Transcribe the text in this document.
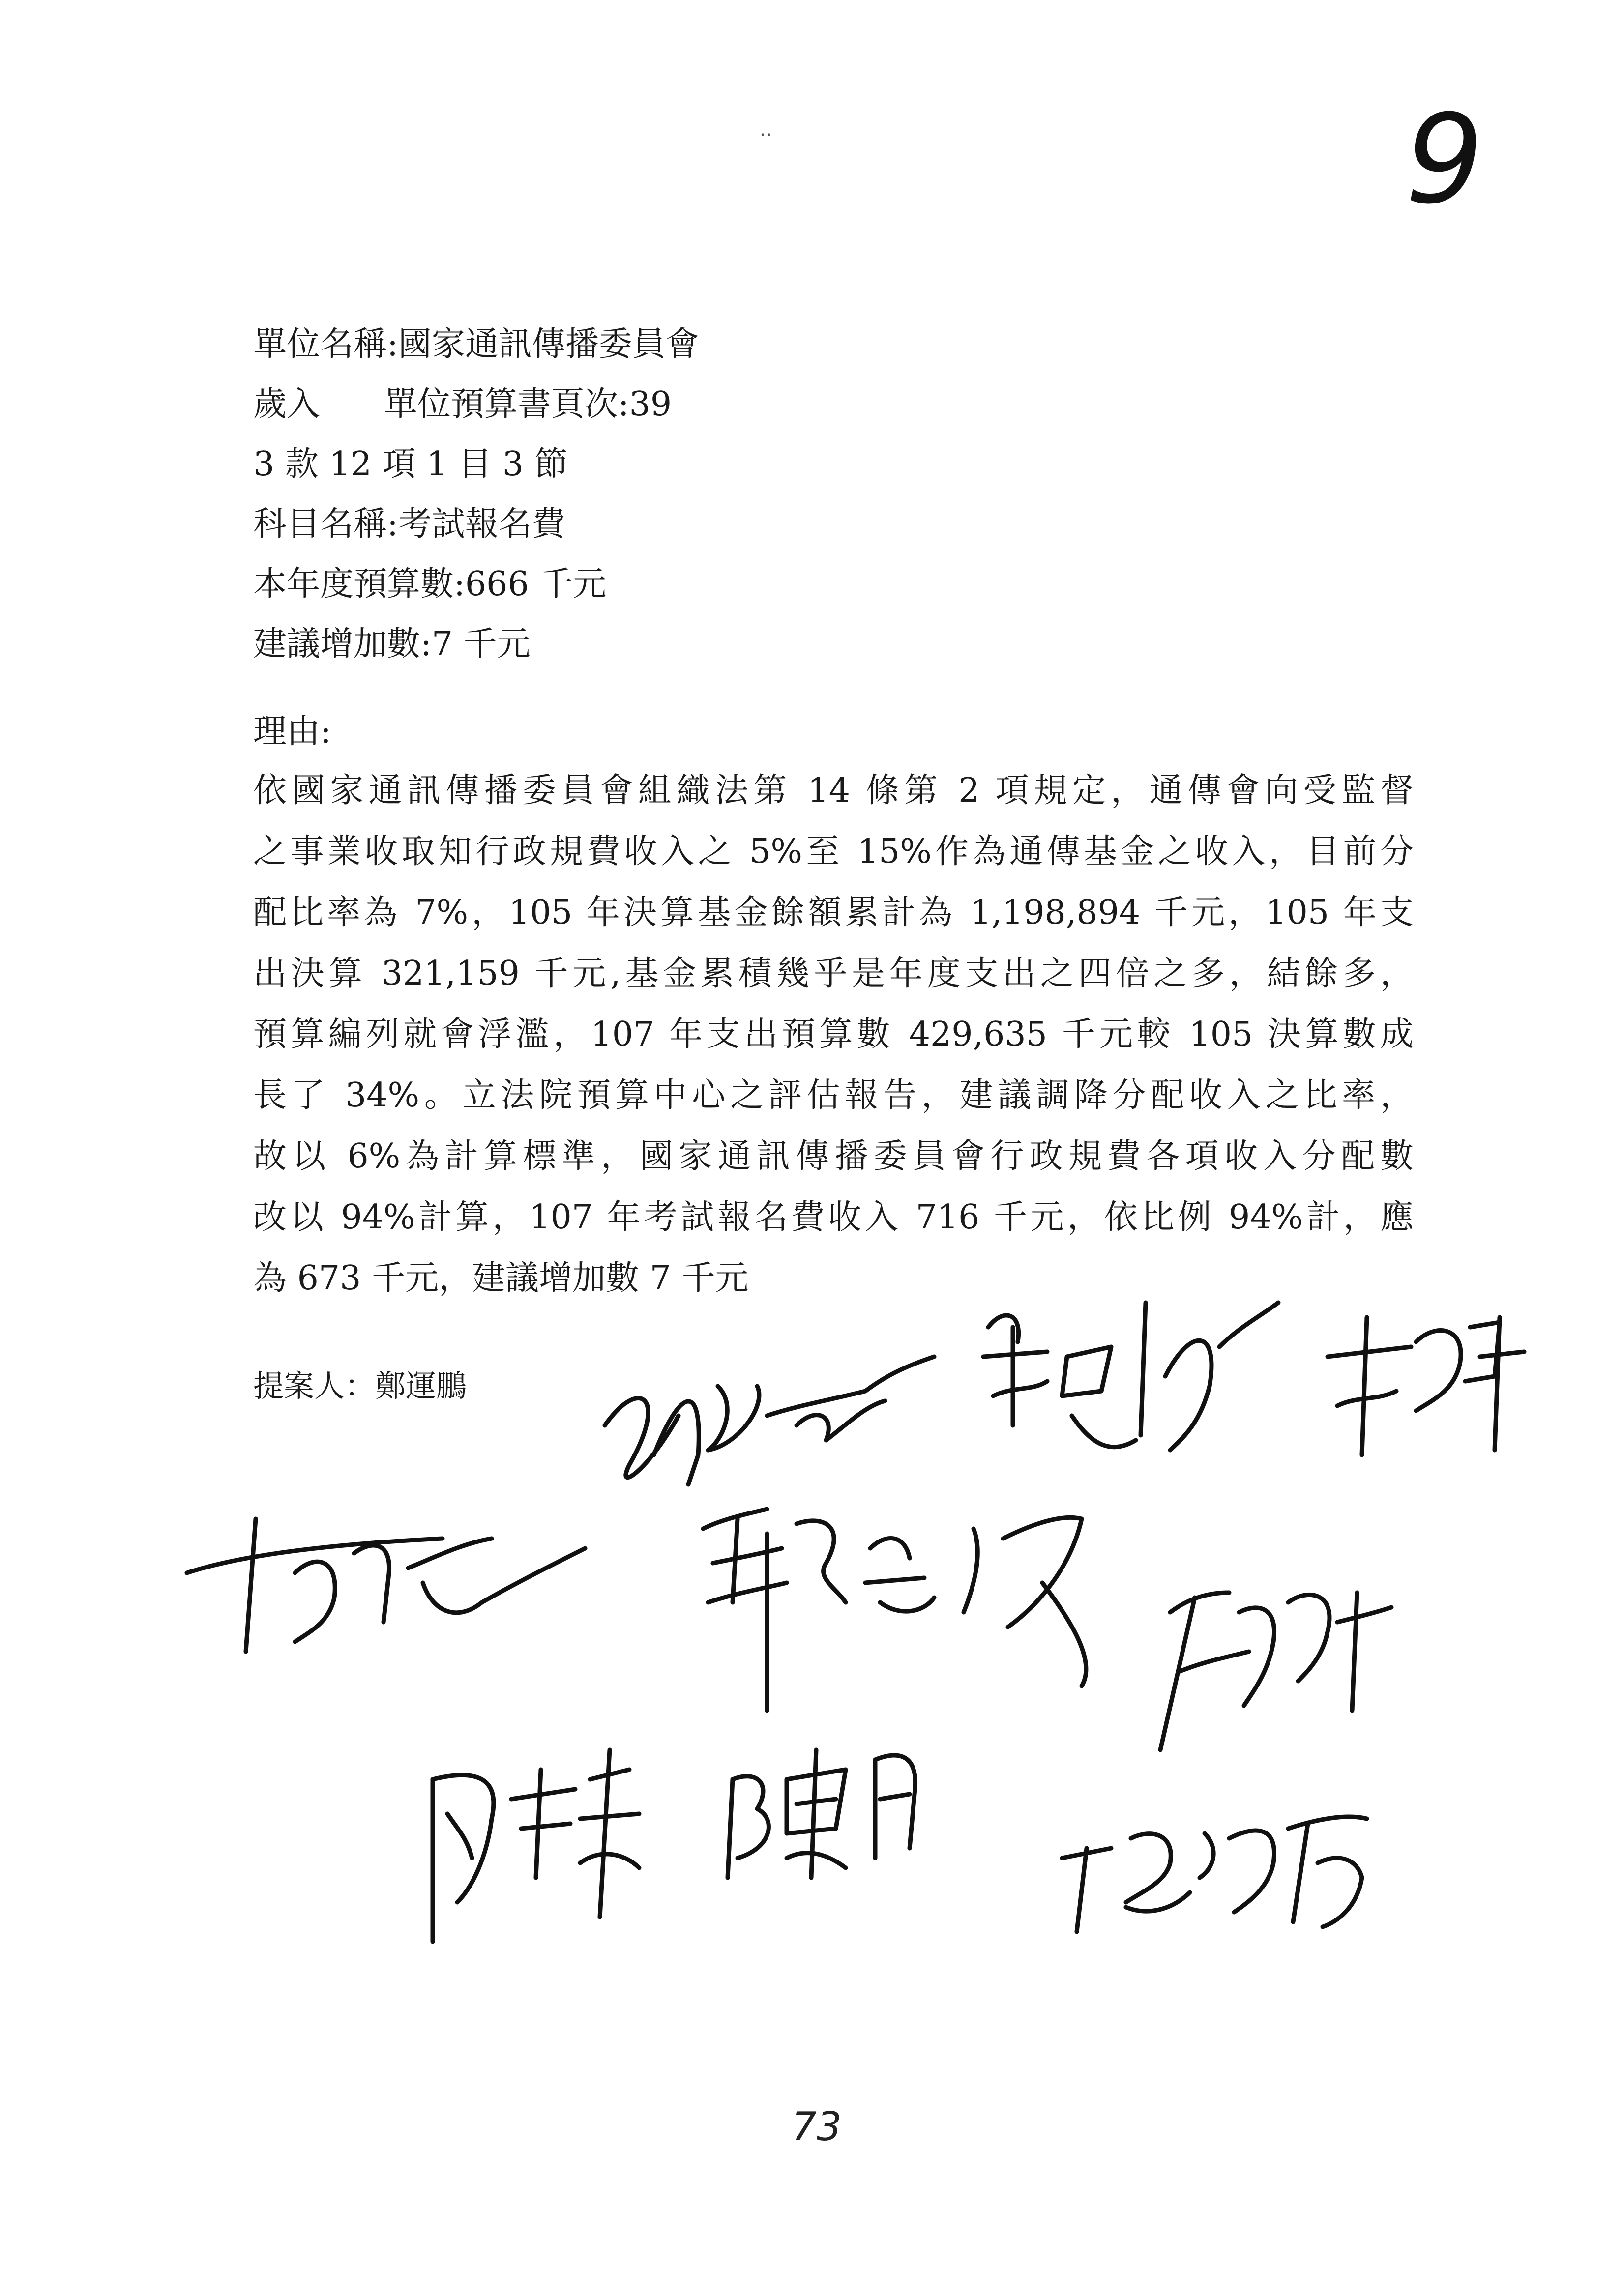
..	9
單位名稱:國家通訊傳播委員會
歲入      單位預算書頁次:39
3 款 12 項 1 目 3 節
科目名稱:考試報名費
本年度預算數:666 千元
建議增加數:7 千元
理由:
依國家通訊傳播委員會組織法第 14 條第 2 項規定，通傳會向受監督
之事業收取知行政規費收入之 5%至 15%作為通傳基金之收入，目前分
配比率為 7%，105 年決算基金餘額累計為 1,198,894 千元，105 年支
出決算 321,159 千元,基金累積幾乎是年度支出之四倍之多，結餘多，
預算編列就會浮濫，107 年支出預算數 429,635 千元較 105 決算數成
長了 34%。立法院預算中心之評估報告，建議調降分配收入之比率，
故以 6%為計算標準，國家通訊傳播委員會行政規費各項收入分配數
改以 94%計算，107 年考試報名費收入 716 千元，依比例 94%計，應
為 673 千元，建議增加數 7 千元
提案人：鄭運鵬
73
